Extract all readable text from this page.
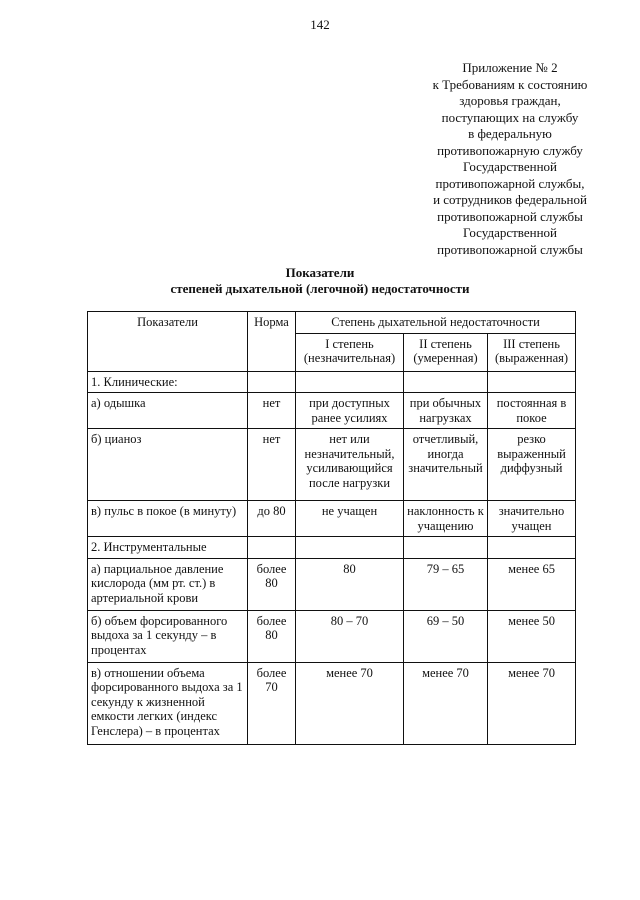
142
Приложение № 2
к Требованиям к состоянию
здоровья граждан,
поступающих на службу
в федеральную
противопожарную службу
Государственной
противопожарной службы,
и сотрудников федеральной
противопожарной службы
Государственной
противопожарной службы
Показатели
степеней дыхательной (легочной) недостаточности
Показатели	Норма	Степень дыхательной недостаточности		
		I степень (незначительная)	II степень (умеренная)	III степень (выраженная)
1. Клинические:				
а) одышка	нет	при доступных ранее усилиях	при обычных нагрузках	постоянная в покое
б) цианоз	нет	нет или незначительный, усиливающийся после нагрузки	отчетливый, иногда значительный	резко выраженный диффузный
в) пульс в покое (в минуту)	до 80	не учащен	наклонность к учащению	значительно учащен
2. Инструментальные				
а) парциальное давление кислорода (мм рт. ст.) в артериальной крови	более 80	80	79 – 65	менее 65
б) объем форсированного выдоха за 1 секунду – в процентах	более 80	80 – 70	69 – 50	менее 50
в) отношении объема форсированного выдоха за 1 секунду к жизненной емкости легких (индекс Генслера) – в процентах	более 70	менее 70	менее 70	менее 70
